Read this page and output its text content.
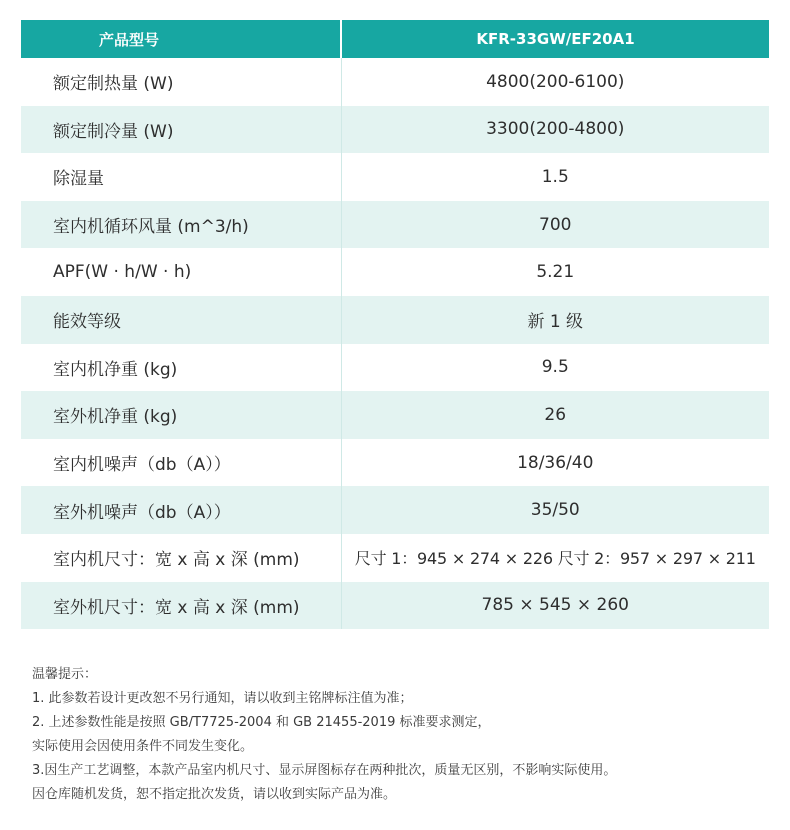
产品型号	KFR-33GW/EF20A1
额定制热量 (W)	4800(200-6100)
额定制冷量 (W)	3300(200-4800)
除湿量	1.5
室内机循环风量 (m^3/h)	700
APF(W · h/W · h)	5.21
能效等级	新 1 级
室内机净重 (kg)	9.5
室外机净重 (kg)	26
室内机噪声（db（A））	18/36/40
室外机噪声（db（A））	35/50
室内机尺寸：宽 x 高 x 深 (mm)	尺寸 1：945 × 274 × 226 尺寸 2：957 × 297 × 211
室外机尺寸：宽 x 高 x 深 (mm)	785 × 545 × 260

温馨提示：

1. 此参数若设计更改恕不另行通知，请以收到主铭牌标注值为准；

2. 上述参数性能是按照 GB/T7725-2004 和 GB 21455-2019 标准要求测定，

实际使用会因使用条件不同发生变化。

3.因生产工艺调整，本款产品室内机尺寸、显示屏图标存在两种批次，质量无区别，不影响实际使用。

因仓库随机发货，恕不指定批次发货，请以收到实际产品为准。
